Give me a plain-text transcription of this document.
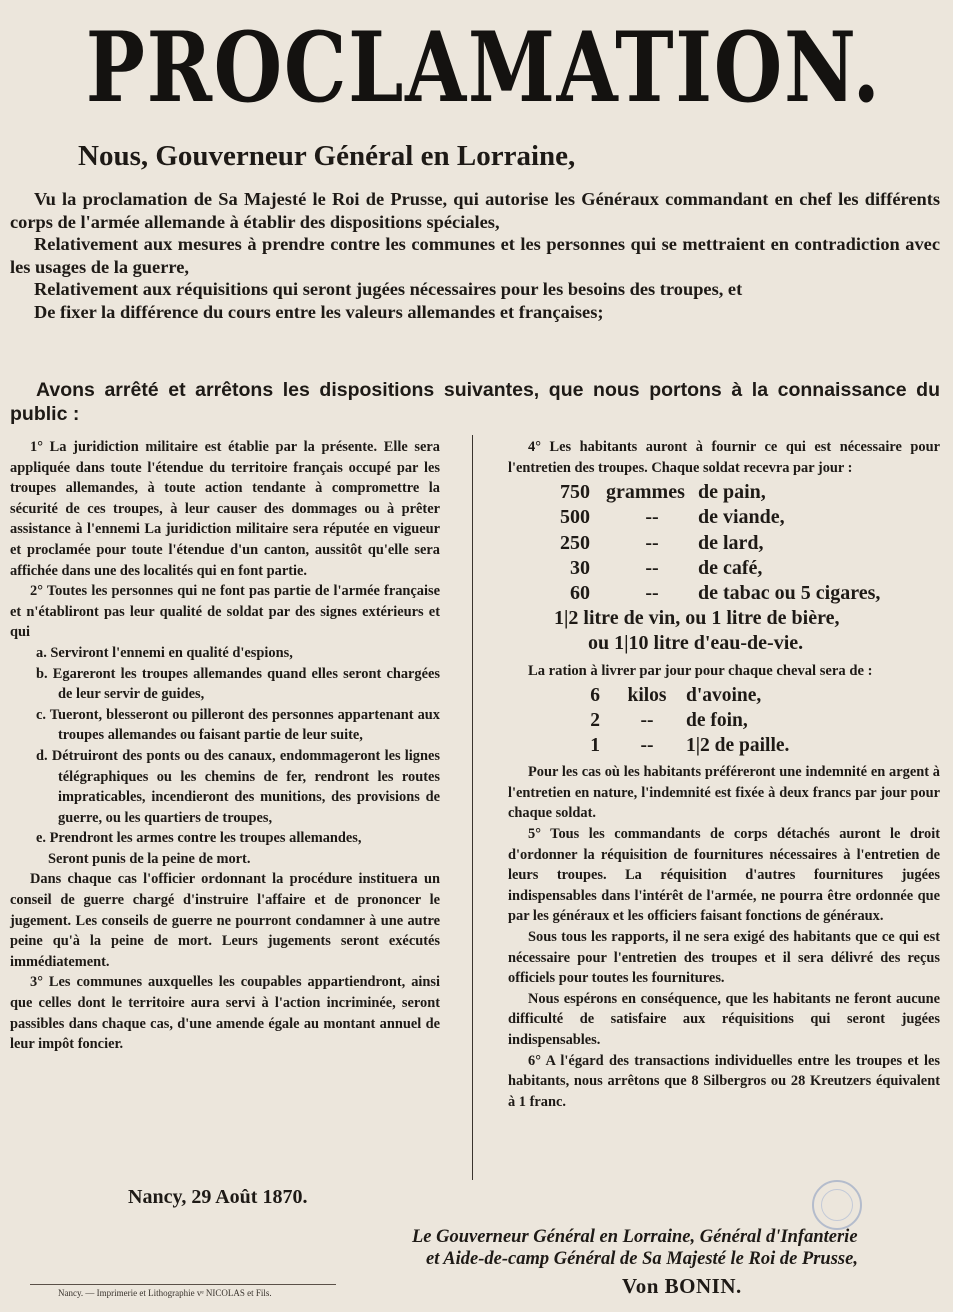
PROCLAMATION.
Nous, Gouverneur Général en Lorraine,

Vu la proclamation de Sa Majesté le Roi de Prusse, qui autorise les Généraux commandant en chef les différents corps de l'armée allemande à établir des dispositions spéciales,

Relativement aux mesures à prendre contre les communes et les personnes qui se mettraient en contradiction avec les usages de la guerre,

Relativement aux réquisitions qui seront jugées nécessaires pour les besoins des troupes, et

De fixer la différence du cours entre les valeurs allemandes et françaises;

Avons arrêté et arrêtons les dispositions suivantes, que nous portons à la connaissance du public :

1° La juridiction militaire est établie par la présente. Elle sera appliquée dans toute l'étendue du territoire français occupé par les troupes allemandes, à toute action tendante à compromettre la sécurité de ces troupes, à leur causer des dommages ou à prêter assistance à l'ennemi La juridiction militaire sera réputée en vigueur et proclamée pour toute l'étendue d'un canton, aussitôt qu'elle sera affichée dans une des localités qui en font partie.

2° Toutes les personnes qui ne font pas partie de l'armée française et n'établiront pas leur qualité de soldat par des signes extérieurs et qui

a. Serviront l'ennemi en qualité d'espions,

b. Egareront les troupes allemandes quand elles seront chargées de leur servir de guides,

c. Tueront, blesseront ou pilleront des personnes appartenant aux troupes allemandes ou faisant partie de leur suite,

d. Détruiront des ponts ou des canaux, endommageront les lignes télégraphiques ou les chemins de fer, rendront les routes impraticables, incendieront des munitions, des provisions de guerre, ou les quartiers de troupes,

e. Prendront les armes contre les troupes allemandes,

Seront punis de la peine de mort.

Dans chaque cas l'officier ordonnant la procédure instituera un conseil de guerre chargé d'instruire l'affaire et de prononcer le jugement. Les conseils de guerre ne pourront condamner à une autre peine qu'à la peine de mort. Leurs jugements seront exécutés immédiatement.

3° Les communes auxquelles les coupables appartiendront, ainsi que celles dont le territoire aura servi à l'action incriminée, seront passibles dans chaque cas, d'une amende égale au montant annuel de leur impôt foncier.

4° Les habitants auront à fournir ce qui est nécessaire pour l'entretien des troupes. Chaque soldat recevra par jour :

750 grammes de pain,
500	--	de viande,
250	--	de lard,
30	--	de café,
60	--	de tabac ou 5 cigares,
1|2 litre de vin, ou 1 litre de bière,
ou 1|10 litre d'eau-de-vie.

La ration à livrer par jour pour chaque cheval sera de :

6	kilos d'avoine,
2	--	de foin,
1	--	1|2 de paille.

Pour les cas où les habitants préféreront une indemnité en argent à l'entretien en nature, l'indemnité est fixée à deux francs par jour pour chaque soldat.

5° Tous les commandants de corps détachés auront le droit d'ordonner la réquisition de fournitures nécessaires à l'entretien de leurs troupes. La réquisition d'autres fournitures jugées indispensables dans l'intérêt de l'armée, ne pourra être ordonnée que par les généraux et les officiers faisant fonctions de généraux.

Sous tous les rapports, il ne sera exigé des habitants que ce qui est nécessaire pour l'entretien des troupes et il sera délivré des reçus officiels pour toutes les fournitures.

Nous espérons en conséquence, que les habitants ne feront aucune difficulté de satisfaire aux réquisitions qui seront jugées indispensables.

6° A l'égard des transactions individuelles entre les troupes et les habitants, nous arrêtons que 8 Silbergros ou 28 Kreutzers équivalent à 1 franc.

Nancy, 29 Août 1870.
Le Gouverneur Général en Lorraine, Général d'Infanterie
et Aide-de-camp Général de Sa Majesté le Roi de Prusse,
Von BONIN.
Nancy. — Imprimerie et Lithographie vᵉ NICOLAS et Fils.
